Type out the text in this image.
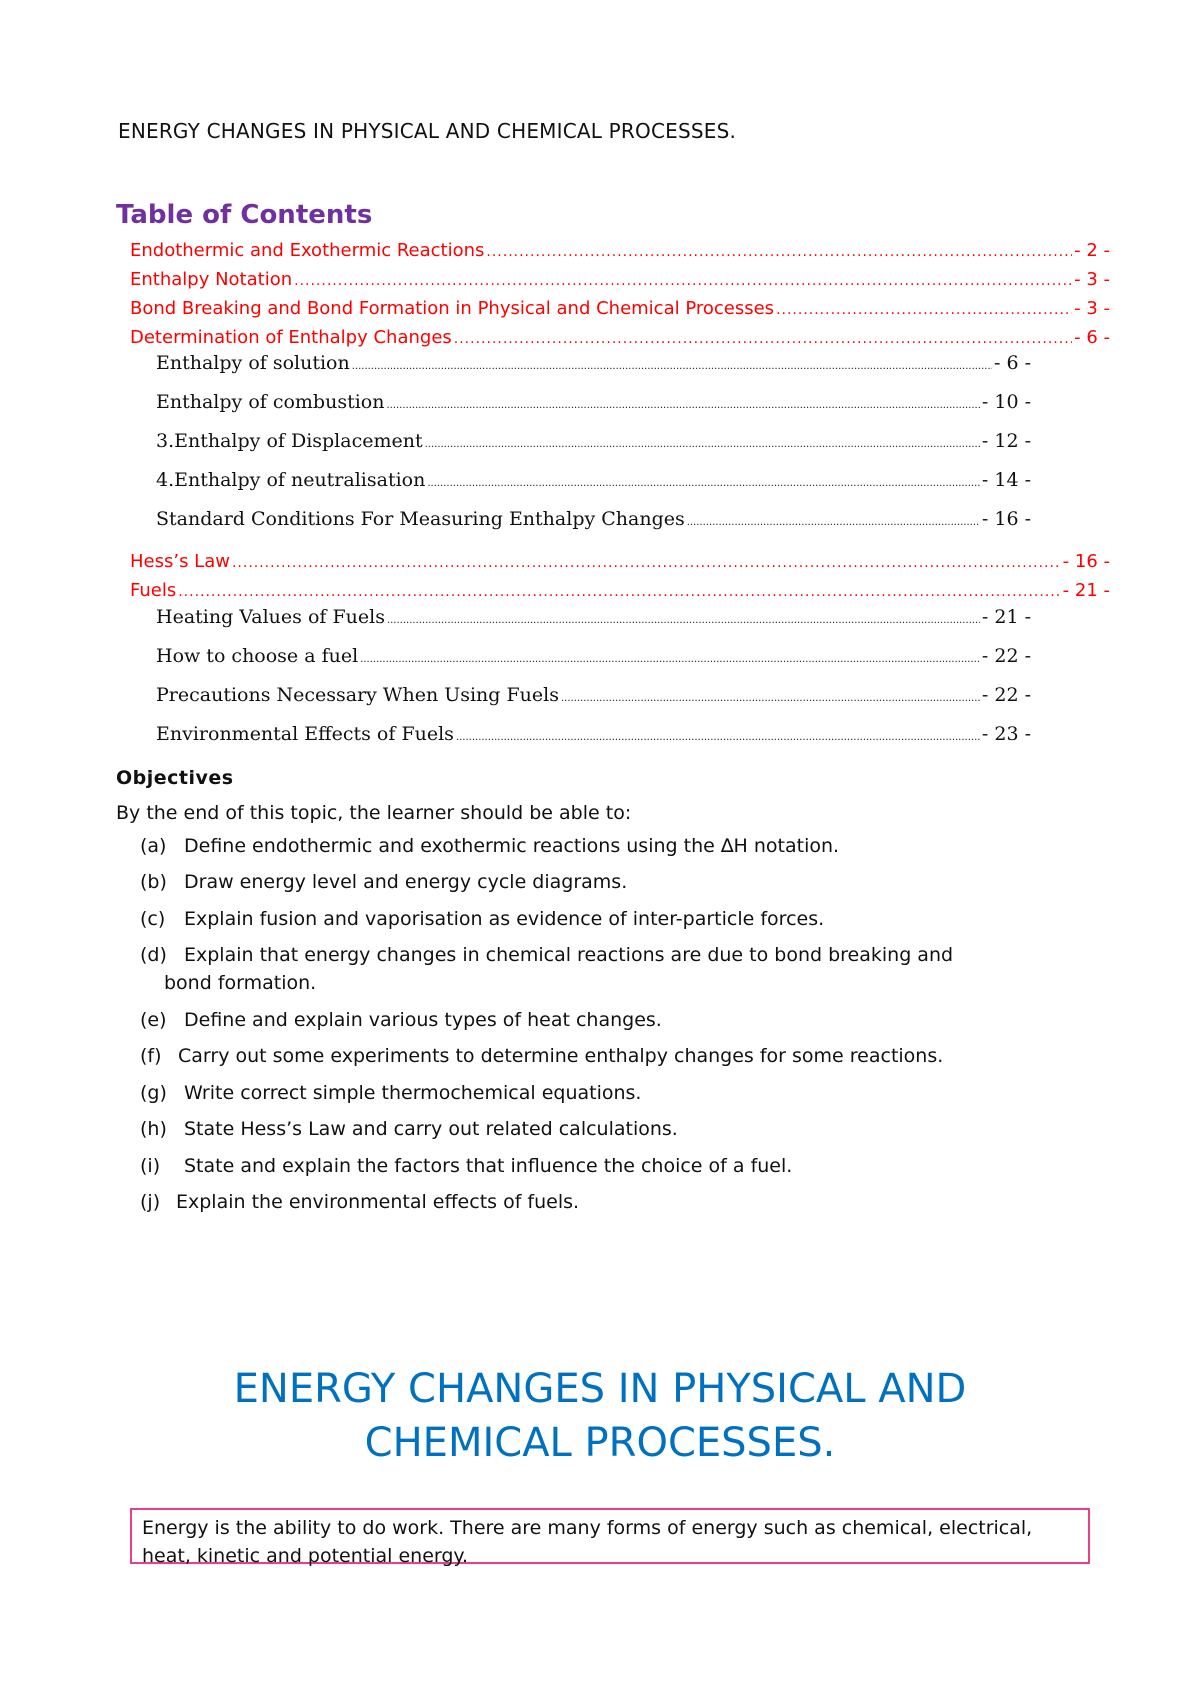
ENERGY CHANGES IN PHYSICAL AND CHEMICAL PROCESSES.
Table of Contents
Endothermic and Exothermic Reactions .....	- 2 -
Enthalpy Notation .....	- 3 -
Bond Breaking and Bond Formation in Physical and Chemical Processes .....	- 3 -
Determination of Enthalpy Changes .....	- 6 -
Enthalpy of solution .....	- 6 -
Enthalpy of combustion .....	- 10 -
3.Enthalpy of Displacement .....	- 12 -
4.Enthalpy of neutralisation .....	- 14 -
Standard Conditions For Measuring Enthalpy Changes .....	- 16 -
Hess’s Law .....	- 16 -
Fuels .....	- 21 -
Heating Values of Fuels .....	- 21 -
How to choose a fuel .....	- 22 -
Precautions Necessary When Using Fuels .....	- 22 -
Environmental Effects of Fuels .....	- 23 -
Objectives
By the end of this topic, the learner should be able to:
(a) Define endothermic and exothermic reactions using the ∆H notation.
(b) Draw energy level and energy cycle diagrams.
(c) Explain fusion and vaporisation as evidence of inter-particle forces.
(d) Explain that energy changes in chemical reactions are due to bond breaking and
bond formation.
(e) Define and explain various types of heat changes.
(f) Carry out some experiments to determine enthalpy changes for some reactions.
(g) Write correct simple thermochemical equations.
(h) State Hess’s Law and carry out related calculations.
(i) State and explain the factors that influence the choice of a fuel.
(j) Explain the environmental effects of fuels.
ENERGY CHANGES IN PHYSICAL AND
CHEMICAL PROCESSES.
Energy is the ability to do work. There are many forms of energy such as chemical, electrical, heat, kinetic and potential energy.
